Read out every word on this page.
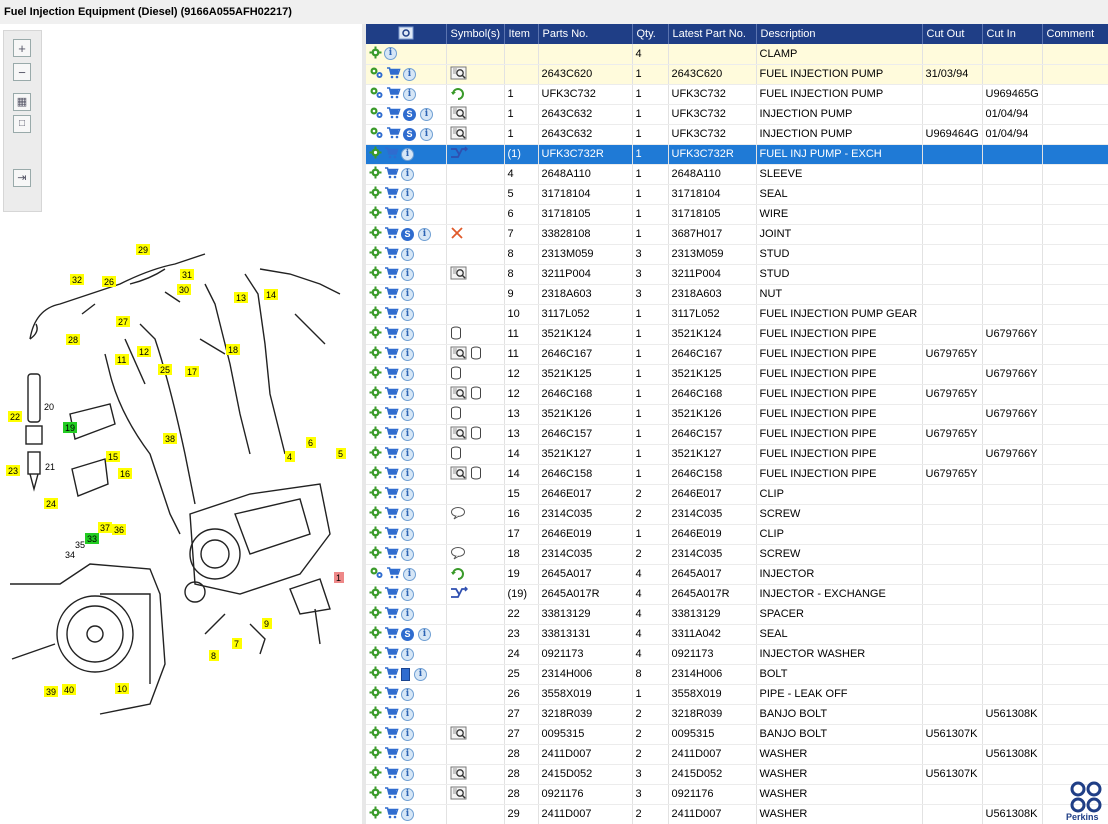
Fuel Injection Equipment (Diesel) (9166A055AFH02217)
+
−
▦
□
⇥
29
31
32 26
30
13 14
27
28
12	18
11
25 17
22
19
38	6
4	5
15
23	16
24
37 36
33
1
9
7
8
39 40	10
20
21
35
34
	Symbol(s)	Item	Parts No.	Qty.	Latest Part No.	Description	Cut Out	Cut In	Comment
i				4		CLAMP			
i			2643C620	1	2643C620	FUEL INJECTION PUMP	31/03/94		
i		1	UFK3C732	1	UFK3C732	FUEL INJECTION PUMP		U969465G	
S i		1	2643C632	1	UFK3C732	INJECTION PUMP		01/04/94	
S i		1	2643C632	1	UFK3C732	INJECTION PUMP	U969464G	01/04/94	
i		(1)	UFK3C732R	1	UFK3C732R	FUEL INJ PUMP - EXCH			
i		4	2648A110	1	2648A110	SLEEVE			
i		5	31718104	1	31718104	SEAL			
i		6	31718105	1	31718105	WIRE			
S i		7	33828108	1	3687H017	JOINT			
i		8	2313M059	3	2313M059	STUD			
i		8	3211P004	3	3211P004	STUD			
i		9	2318A603	3	2318A603	NUT			
i		10	3117L052	1	3117L052	FUEL INJECTION PUMP GEAR			
i		11	3521K124	1	3521K124	FUEL INJECTION PIPE		U679766Y	
i		11	2646C167	1	2646C167	FUEL INJECTION PIPE	U679765Y		
i		12	3521K125	1	3521K125	FUEL INJECTION PIPE		U679766Y	
i		12	2646C168	1	2646C168	FUEL INJECTION PIPE	U679765Y		
i		13	3521K126	1	3521K126	FUEL INJECTION PIPE		U679766Y	
i		13	2646C157	1	2646C157	FUEL INJECTION PIPE	U679765Y		
i		14	3521K127	1	3521K127	FUEL INJECTION PIPE		U679766Y	
i		14	2646C158	1	2646C158	FUEL INJECTION PIPE	U679765Y		
i		15	2646E017	2	2646E017	CLIP			
i		16	2314C035	2	2314C035	SCREW			
i		17	2646E019	1	2646E019	CLIP			
i		18	2314C035	2	2314C035	SCREW			
i		19	2645A017	4	2645A017	INJECTOR			
i		(19)	2645A017R	4	2645A017R	INJECTOR - EXCHANGE			
i		22	33813129	4	33813129	SPACER			
S i		23	33813131	4	3311A042	SEAL			
i		24	0921173	4	0921173	INJECTOR WASHER			
i		25	2314H006	8	2314H006	BOLT			
i		26	3558X019	1	3558X019	PIPE - LEAK OFF			
i		27	3218R039	2	3218R039	BANJO BOLT		U561308K	
i		27	0095315	2	0095315	BANJO BOLT	U561307K		
i		28	2411D007	2	2411D007	WASHER		U561308K	
i		28	2415D052	3	2415D052	WASHER	U561307K		
i		28	0921176	3	0921176	WASHER			
i		29	2411D007	2	2411D007	WASHER		U561308K		Perkins
